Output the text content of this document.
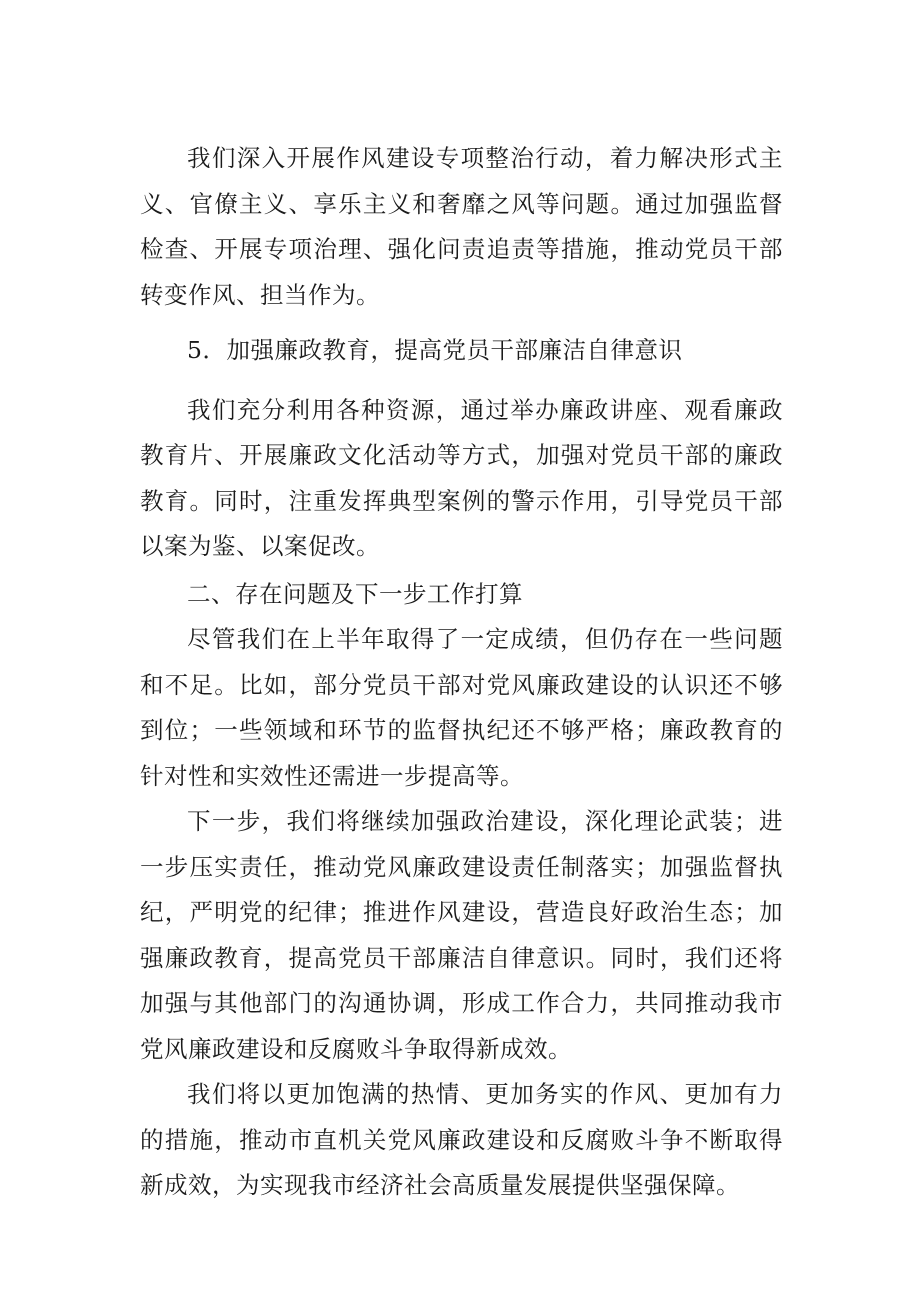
我们深入开展作风建设专项整治行动，着力解决形式主义、官僚主义、享乐主义和奢靡之风等问题。通过加强监督检查、开展专项治理、强化问责追责等措施，推动党员干部转变作风、担当作为。

5．加强廉政教育，提高党员干部廉洁自律意识

我们充分利用各种资源，通过举办廉政讲座、观看廉政教育片、开展廉政文化活动等方式，加强对党员干部的廉政教育。同时，注重发挥典型案例的警示作用，引导党员干部以案为鉴、以案促改。

二、存在问题及下一步工作打算

尽管我们在上半年取得了一定成绩，但仍存在一些问题和不足。比如，部分党员干部对党风廉政建设的认识还不够到位；一些领域和环节的监督执纪还不够严格；廉政教育的针对性和实效性还需进一步提高等。

下一步，我们将继续加强政治建设，深化理论武装；进一步压实责任，推动党风廉政建设责任制落实；加强监督执纪，严明党的纪律；推进作风建设，营造良好政治生态；加强廉政教育，提高党员干部廉洁自律意识。同时，我们还将加强与其他部门的沟通协调，形成工作合力，共同推动我市党风廉政建设和反腐败斗争取得新成效。

我们将以更加饱满的热情、更加务实的作风、更加有力的措施，推动市直机关党风廉政建设和反腐败斗争不断取得新成效，为实现我市经济社会高质量发展提供坚强保障。
